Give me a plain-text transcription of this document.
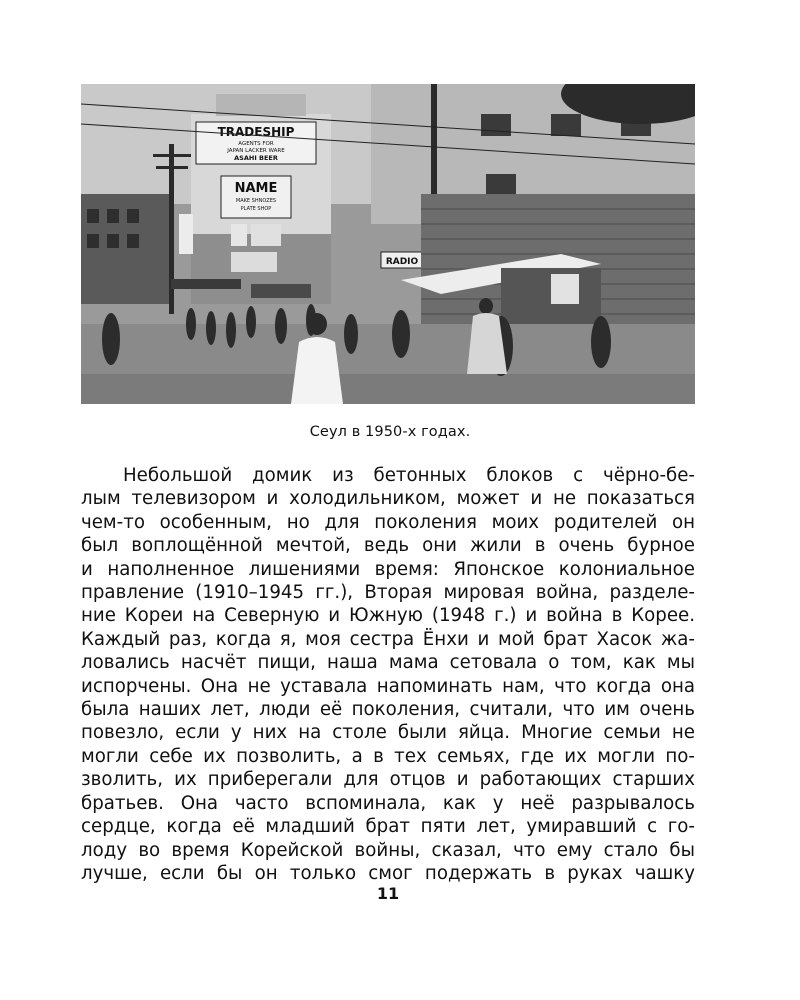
TRADESHIP
AGENTS FOR
JAPAN LACKER WARE
ASAHI BEER
NAME
MAKE SHNOZES
PLATE SHOP
RADIO
Сеул в 1950-х годах.
Небольшой домик из бетонных блоков с чёрно-бе-
лым телевизором и холодильником, может и не показаться
чем-то особенным, но для поколения моих родителей он
был воплощённой мечтой, ведь они жили в очень бурное
и наполненное лишениями время: Японское колониальное
правление (1910–1945 гг.), Вторая мировая война, разделе-
ние Кореи на Северную и Южную (1948 г.) и война в Корее.
Каждый раз, когда я, моя сестра Ёнхи и мой брат Хасок жа-
ловались насчёт пищи, наша мама сетовала о том, как мы
испорчены. Она не уставала напоминать нам, что когда она
была наших лет, люди её поколения, считали, что им очень
повезло, если у них на столе были яйца. Многие семьи не
могли себе их позволить, а в тех семьях, где их могли по-
зволить, их приберегали для отцов и работающих старших
братьев. Она часто вспоминала, как у неё разрывалось
сердце, когда её младший брат пяти лет, умиравший с го-
лоду во время Корейской войны, сказал, что ему стало бы
лучше, если бы он только смог подержать в руках чашку
11
